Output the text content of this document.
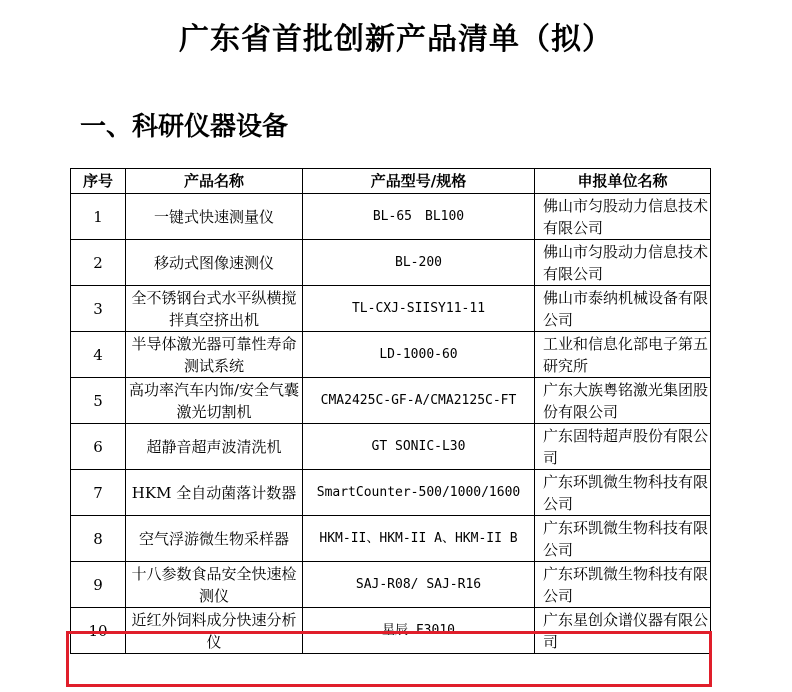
广东省首批创新产品清单（拟）
一、科研仪器设备
序号	产品名称	产品型号/规格	申报单位名称
1	一键式快速测量仪	BL-65　BL100	佛山市匀股动力信息技术有限公司
2	移动式图像速测仪	BL-200	佛山市匀股动力信息技术有限公司
3	全不锈钢台式水平纵横搅拌真空挤出机	TL-CXJ-SIISY11-11	佛山市泰纳机械设备有限公司
4	半导体激光器可靠性寿命测试系统	LD-1000-60	工业和信息化部电子第五研究所
5	高功率汽车内饰/安全气囊激光切割机	CMA2425C-GF-A/CMA2125C-FT	广东大族粤铭激光集团股份有限公司
6	超静音超声波清洗机	GT SONIC-L30	广东固特超声股份有限公司
7	HKM 全自动菌落计数器	SmartCounter-500/1000/1600	广东环凯微生物科技有限公司
8	空气浮游微生物采样器	HKM-II、HKM-II A、HKM-II B	广东环凯微生物科技有限公司
9	十八参数食品安全快速检测仪	SAJ-R08/ SAJ-R16	广东环凯微生物科技有限公司
10	近红外饲料成分快速分析仪	星辰 F3010	广东星创众谱仪器有限公司
